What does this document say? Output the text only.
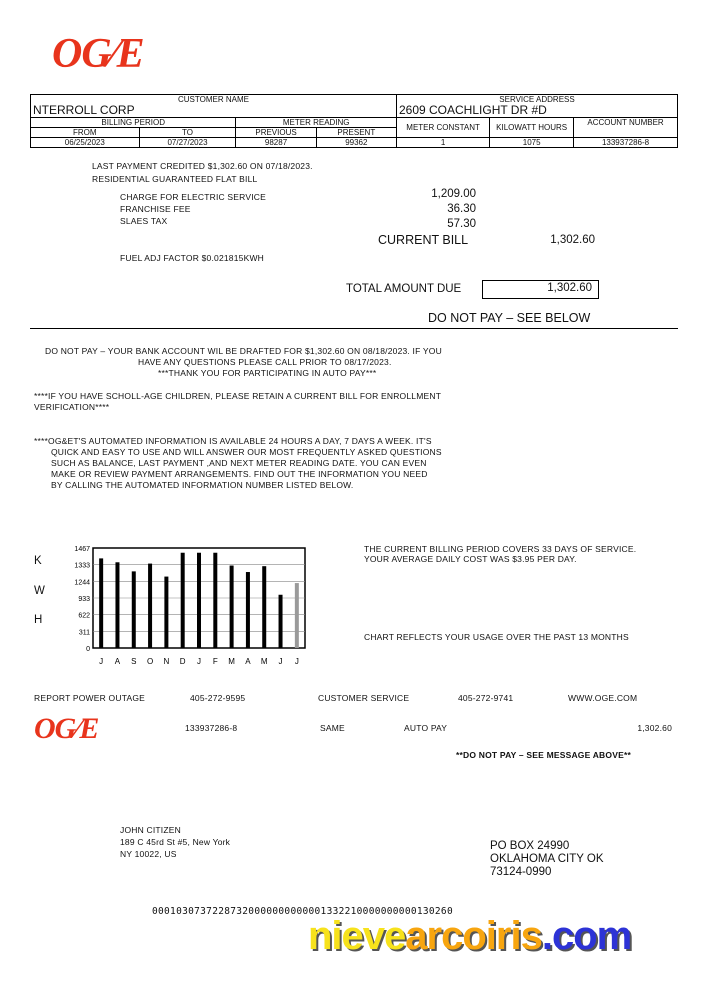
OG⁄E
CUSTOMER NAME				SERVICE ADDRESS		
NTERROLL CORP				2609 COACHLIGHT DR #D		
BILLING PERIOD		METER READING		METER CONSTANT	KILOWATT HOURS	ACCOUNT NUMBER
FROM	TO	PREVIOUS	PRESENT			
06/25/2023	07/27/2023	98287	99362	1	1075	133937286-8
LAST PAYMENT CREDITED $1,302.60 ON 07/18/2023.
RESIDENTIAL GUARANTEED FLAT BILL
CHARGE FOR ELECTRIC SERVICE	1,209.00
FRANCHISE FEE	36.30
SLAES TAX	57.30
CURRENT BILL	1,302.60
FUEL ADJ FACTOR $0.021815KWH
TOTAL AMOUNT DUE	1,302.60
DO NOT PAY – SEE BELOW
DO NOT PAY – YOUR BANK ACCOUNT WIL BE DRAFTED FOR $1,302.60 ON 08/18/2023. IF YOU
HAVE ANY QUESTIONS PLEASE CALL PRIOR TO 08/17/2023.
***THANK YOU FOR PARTICIPATING IN AUTO PAY***
****IF YOU HAVE SCHOLL-AGE CHILDREN, PLEASE RETAIN A CURRENT BILL FOR ENROLLMENT
VERIFICATION****
****OG&ET'S AUTOMATED INFORMATION IS AVAILABLE 24 HOURS A DAY, 7 DAYS A WEEK. IT'S
QUICK AND EASY TO USE AND WILL ANSWER OUR MOST FREQUENTLY ASKED QUESTIONS
SUCH AS BALANCE, LAST PAYMENT ,AND NEXT METER READING DATE. YOU CAN EVEN
MAKE OR REVIEW PAYMENT ARRANGEMENTS. FIND OUT THE INFORMATION YOU NEED
BY CALLING THE AUTOMATED INFORMATION NUMBER LISTED BELOW.
K
W
H
1467
1333
1244
933
622
311
0
J A S O N D J F M A M J J
THE CURRENT BILLING PERIOD COVERS 33 DAYS OF SERVICE.
YOUR AVERAGE DAILY COST WAS $3.95 PER DAY.
CHART REFLECTS YOUR USAGE OVER THE PAST 13 MONTHS
REPORT POWER OUTAGE	405-272-9595	CUSTOMER SERVICE	405-272-9741	WWW.OGE.COM
OG⁄E	133937286-8	SAME	AUTO PAY	1,302.60
**DO NOT PAY – SEE MESSAGE ABOVE**
JOHN CITIZEN
189 C 45rd St #5, New York
NY 10022, US
PO BOX 24990
OKLAHOMA CITY OK
73124-0990
00010307372287320000000000001332210000000000130260
nievearcoiris.com
